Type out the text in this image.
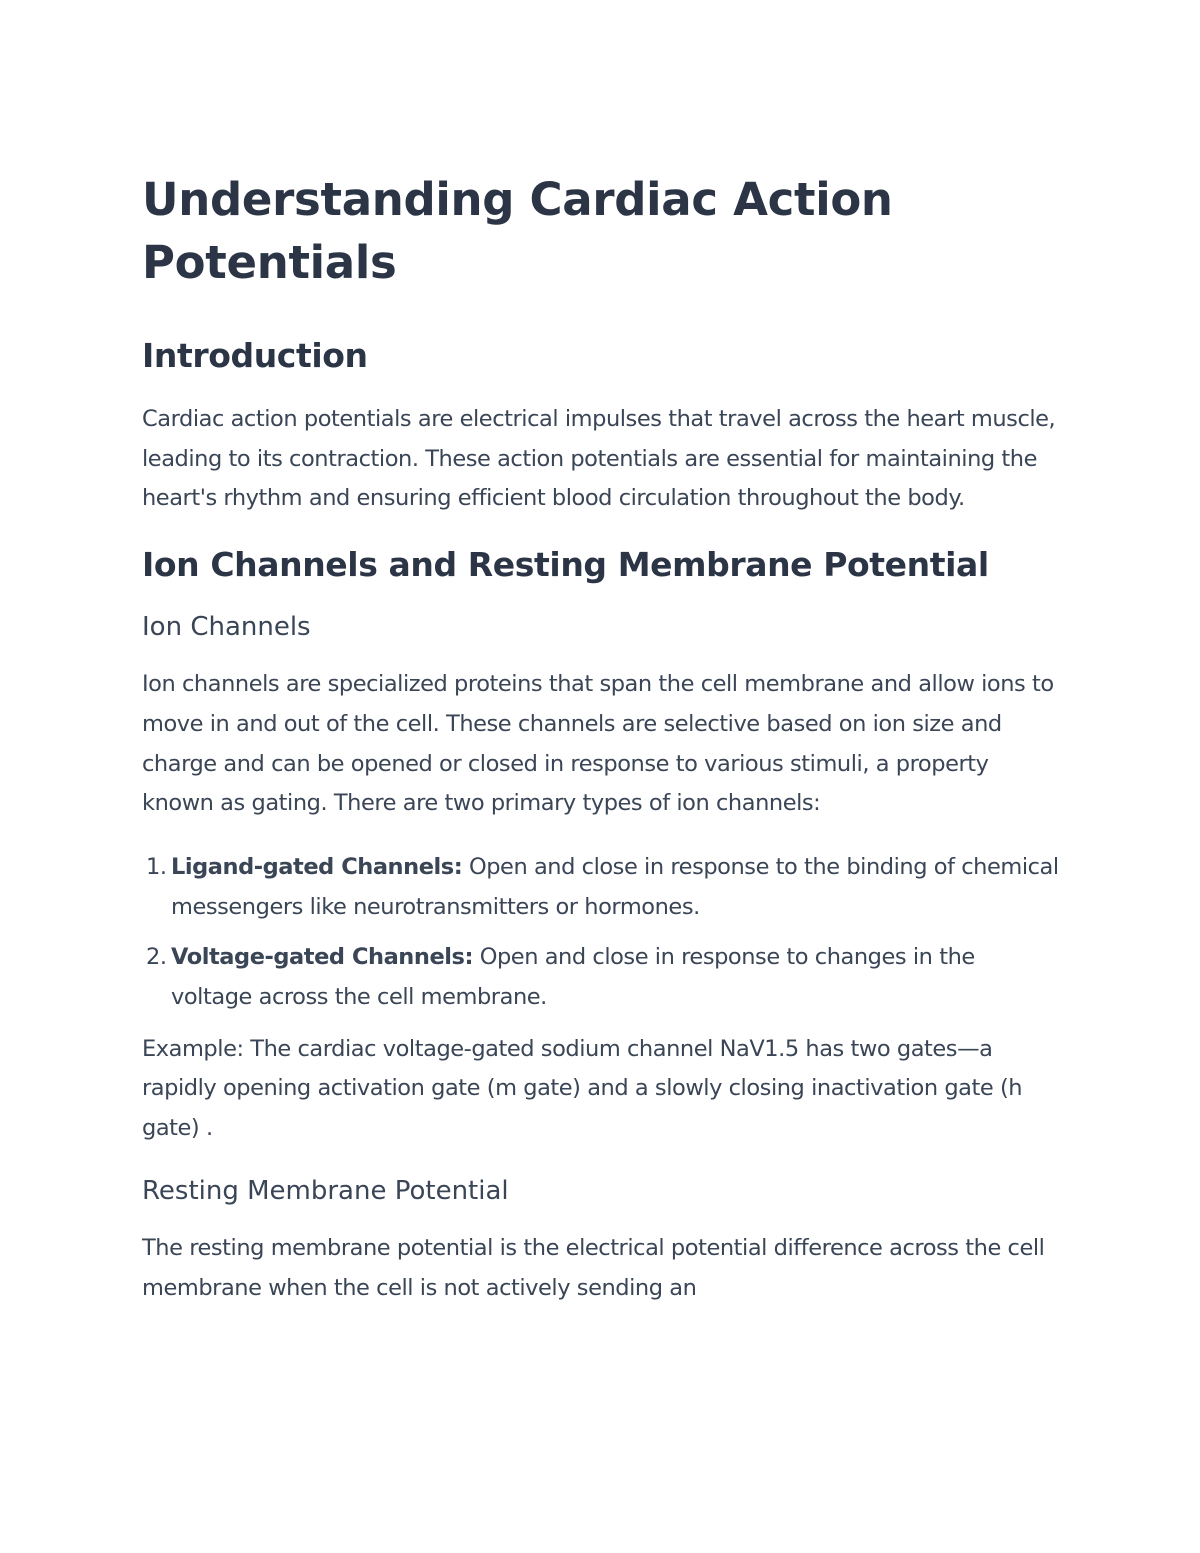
Understanding Cardiac Action Potentials
Introduction

Cardiac action potentials are electrical impulses that travel across the heart muscle, leading to its contraction. These action potentials are essential for maintaining the heart's rhythm and ensuring efficient blood circulation throughout the body.

Ion Channels and Resting Membrane Potential
Ion Channels

Ion channels are specialized proteins that span the cell membrane and allow ions to move in and out of the cell. These channels are selective based on ion size and charge and can be opened or closed in response to various stimuli, a property known as gating. There are two primary types of ion channels:

1. Ligand-gated Channels: Open and close in response to the binding of chemical messengers like neurotransmitters or hormones.
2. Voltage-gated Channels: Open and close in response to changes in the voltage across the cell membrane.

Example: The cardiac voltage-gated sodium channel NaV1.5 has two gates—a rapidly opening activation gate (m gate) and a slowly closing inactivation gate (h gate) .

Resting Membrane Potential

The resting membrane potential is the electrical potential difference across the cell membrane when the cell is not actively sending an
